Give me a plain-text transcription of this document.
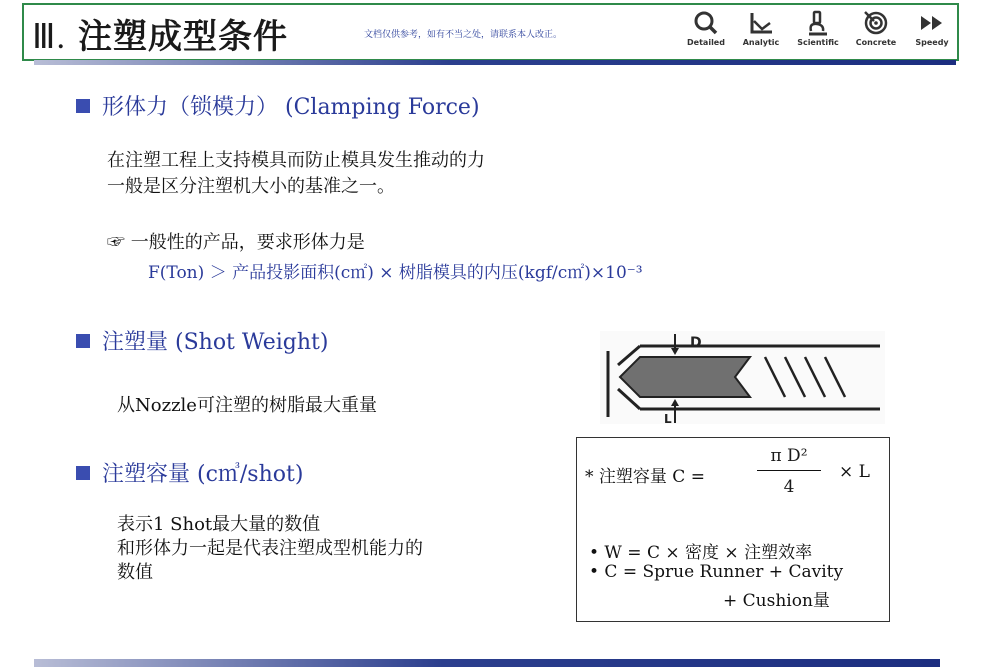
Ⅲ. 注塑成型条件	文档仅供参考，如有不当之处，请联系本人改正。
Detailed	Analytic	Scientific	Concrete	Speedy
形体力（锁模力） (Clamping Force)
在注塑工程上支持模具而防止模具发生推动的力
一般是区分注塑机大小的基准之一。
☞ 一般性的产品，要求形体力是
F(Ton) ＞ 产品投影面积(c㎡) × 树脂模具的内压(kgf/c㎡)×10⁻³
注塑量 (Shot Weight)
从Nozzle可注塑的树脂最大重量
D
L
注塑容量 (c㎥/shot)
表示1 Shot最大量的数值
和形体力一起是代表注塑成型机能力的
数值
* 注塑容量 C =	$\frac{\text{π D²}}{4} \times L$
• W = C × 密度 × 注塑效率
• C = Sprue Runner + Cavity
+ Cushion量
